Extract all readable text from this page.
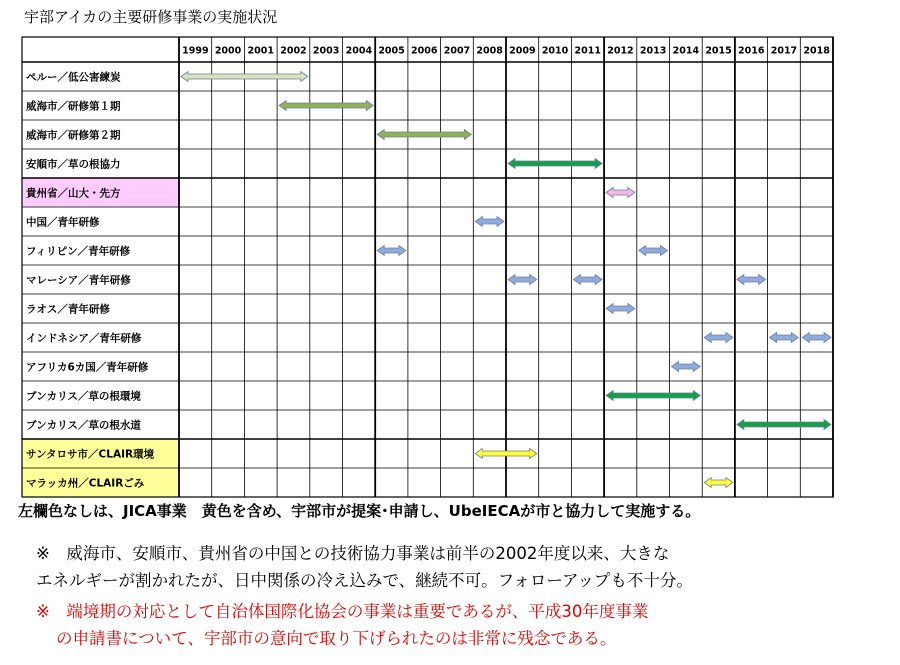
宇部アイカの主要研修事業の実施状況
1999 2000 2001 2002 2003 2004 2005 2006 2007 2008 2009 2010 2011 2012 2013 2014 2015 2016 2017 2018
ペルー／低公害練炭
威海市／研修第１期
威海市／研修第２期
安順市／草の根協力
貴州省／山大・先方
中国／青年研修
フィリピン／青年研修
マレーシア／青年研修
ラオス／青年研修
インドネシア／青年研修
アフリカ6カ国／青年研修
ブンカリス／草の根環境
ブンカリス／草の根水道
サンタロサ市／CLAIR環境
マラッカ州／CLAIRごみ
左欄色なしは、JICA事業　黄色を含め、宇部市が提案･申請し、UbeIECAが市と協力して実施する。
※　威海市、安順市、貴州省の中国との技術協力事業は前半の2002年度以来、大きな
エネルギーが割かれたが、日中関係の冷え込みで、継続不可。フォローアップも不十分。
※　端境期の対応として自治体国際化協会の事業は重要であるが、平成30年度事業
の申請書について、宇部市の意向で取り下げられたのは非常に残念である。
